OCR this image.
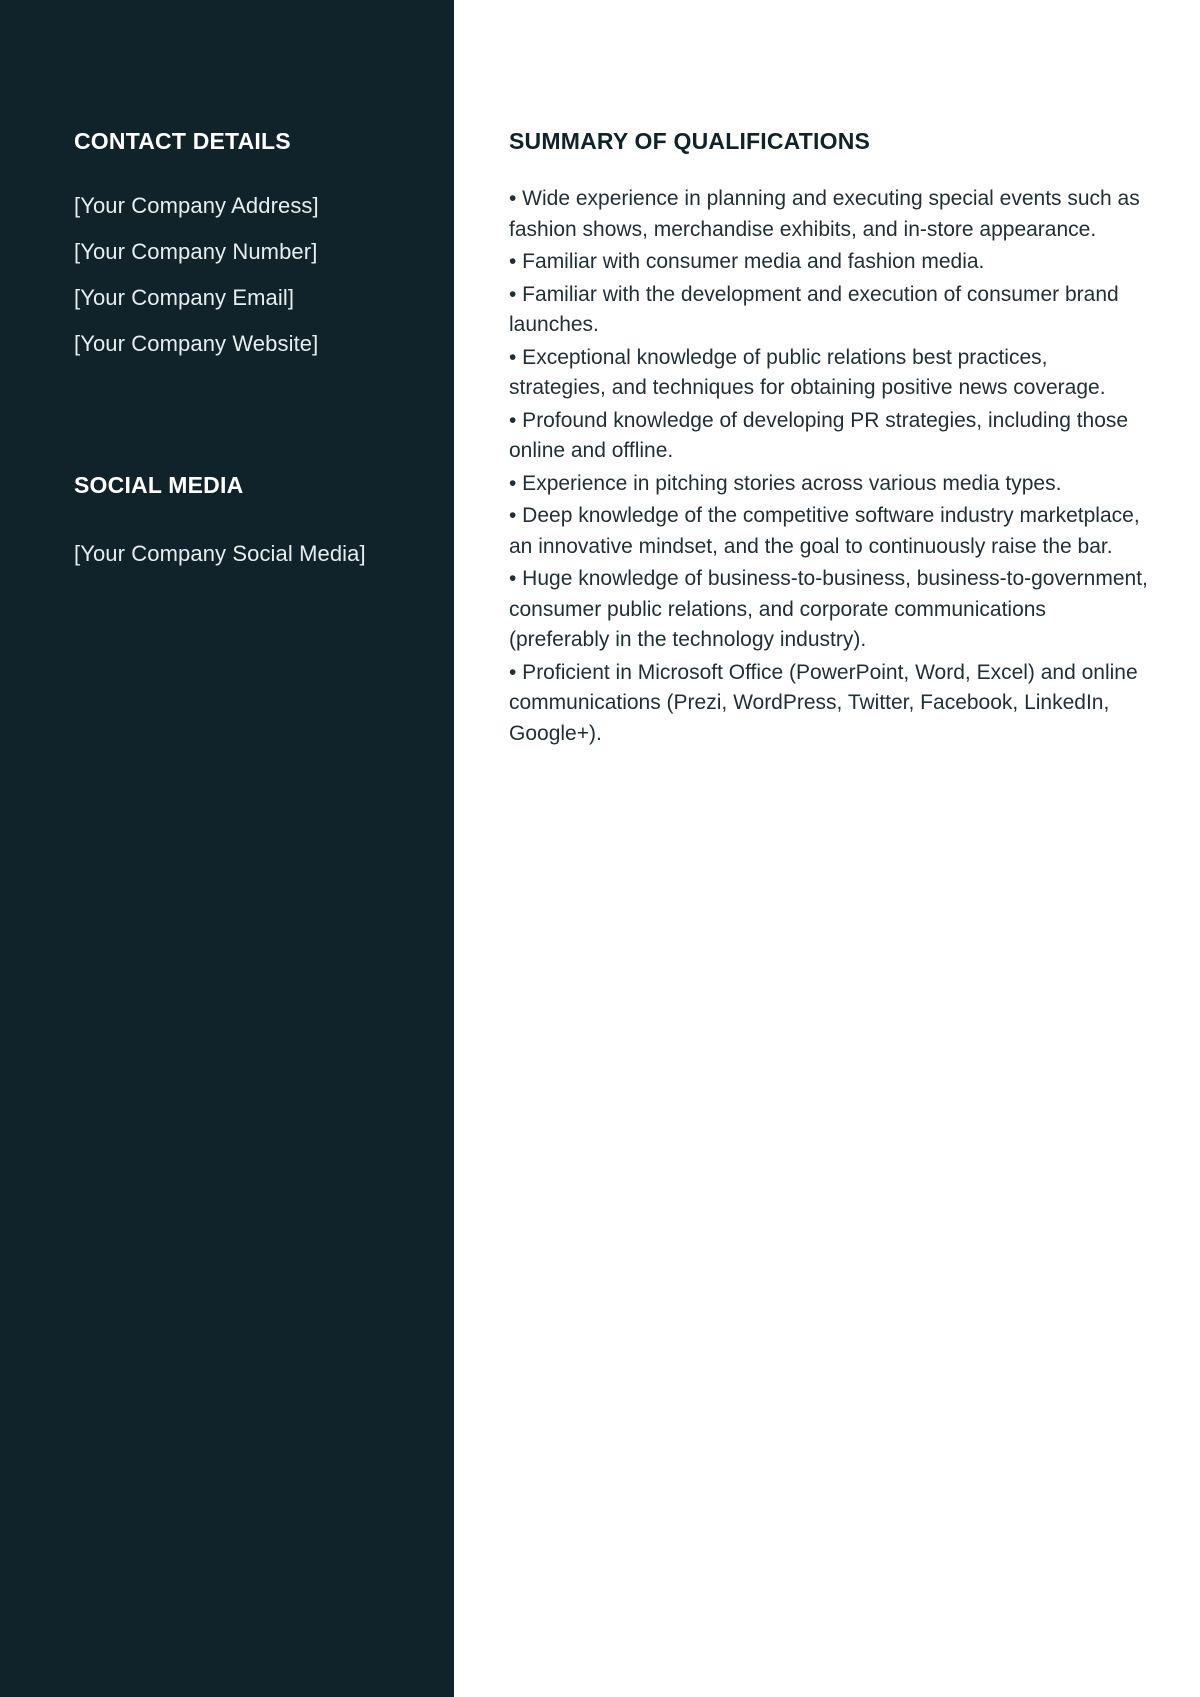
CONTACT DETAILS

[Your Company Address]

[Your Company Number]

[Your Company Email]

[Your Company Website]

SOCIAL MEDIA

[Your Company Social Media]

SUMMARY OF QUALIFICATIONS
• Wide experience in planning and executing special events such as fashion shows, merchandise exhibits, and in-store appearance.
• Familiar with consumer media and fashion media.
• Familiar with the development and execution of consumer brand launches.
• Exceptional knowledge of public relations best practices, strategies, and techniques for obtaining positive news coverage.
• Profound knowledge of developing PR strategies, including those online and offline.
• Experience in pitching stories across various media types.
• Deep knowledge of the competitive software industry marketplace, an innovative mindset, and the goal to continuously raise the bar.
• Huge knowledge of business-to-business, business-to-government, consumer public relations, and corporate communications (preferably in the technology industry).
• Proficient in Microsoft Office (PowerPoint, Word, Excel) and online communications (Prezi, WordPress, Twitter, Facebook, LinkedIn, Google+).
